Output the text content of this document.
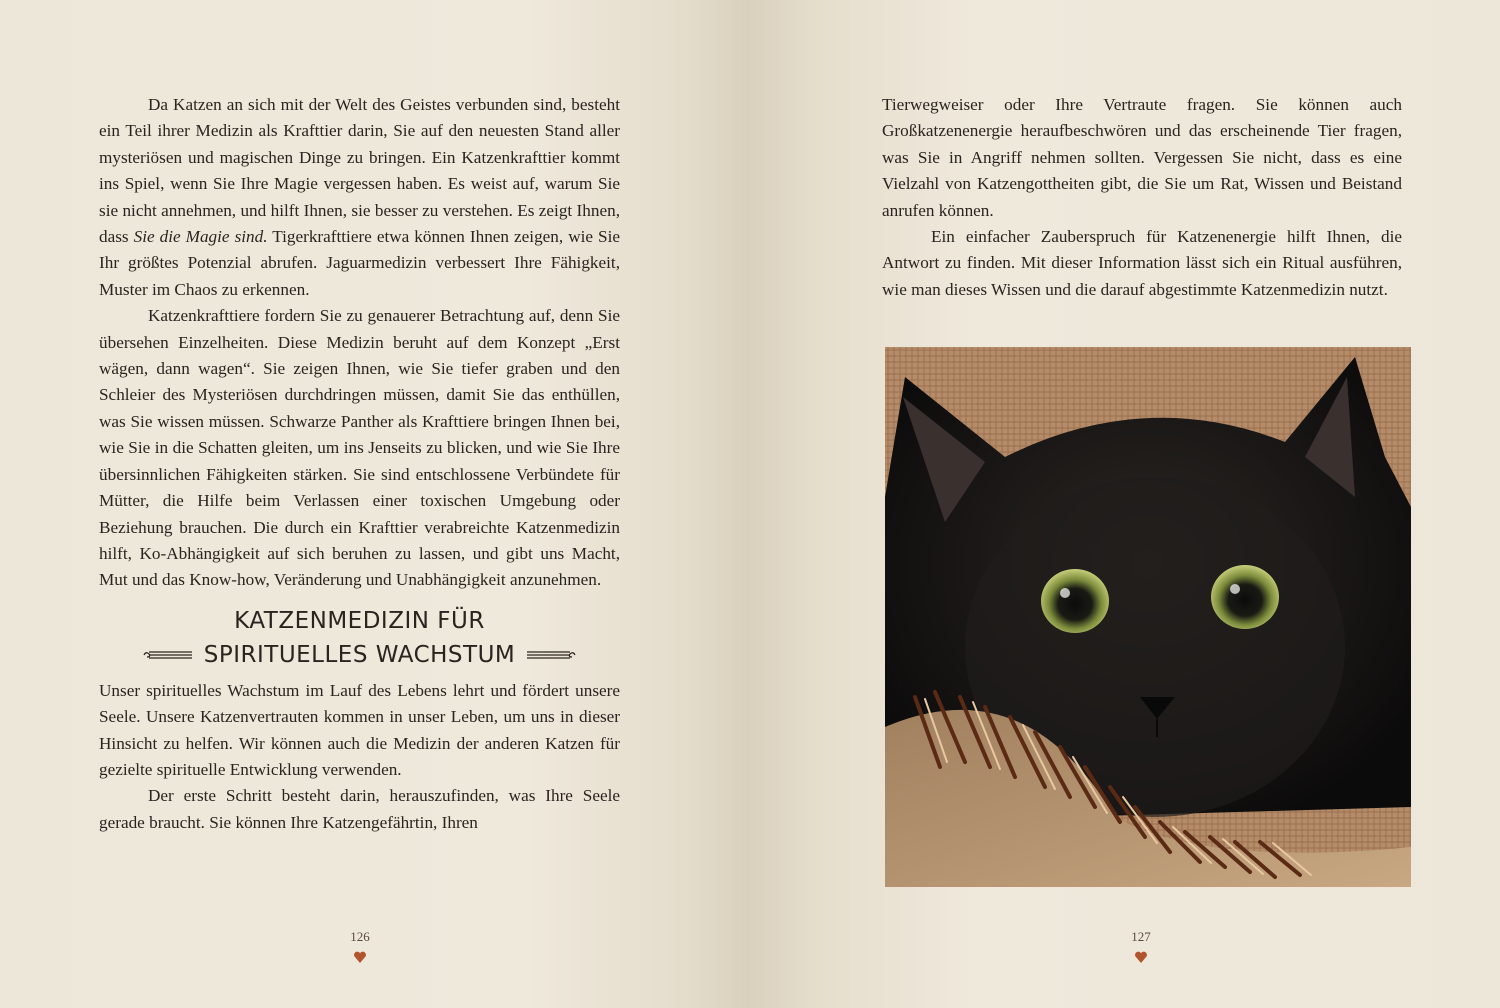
Da Katzen an sich mit der Welt des Geistes verbunden sind, besteht ein Teil ihrer Medizin als Krafttier darin, Sie auf den neuesten Stand aller mysteriösen und magischen Dinge zu bringen. Ein Katzenkrafttier kommt ins Spiel, wenn Sie Ihre Magie vergessen haben. Es weist auf, warum Sie sie nicht annehmen, und hilft Ihnen, sie besser zu verstehen. Es zeigt Ihnen, dass Sie die Magie sind. Tigerkrafttiere etwa können Ihnen zeigen, wie Sie Ihr größtes Potenzial abrufen. Jaguarmedizin verbessert Ihre Fähigkeit, Muster im Chaos zu erkennen.

Katzenkrafttiere fordern Sie zu genauerer Betrachtung auf, denn Sie übersehen Einzelheiten. Diese Medizin beruht auf dem Konzept „Erst wägen, dann wagen“. Sie zeigen Ihnen, wie Sie tiefer graben und den Schleier des Mysteriösen durchdringen müssen, damit Sie das enthüllen, was Sie wissen müssen. Schwarze Panther als Krafttiere bringen Ihnen bei, wie Sie in die Schatten gleiten, um ins Jenseits zu blicken, und wie Sie Ihre übersinnlichen Fähigkeiten stärken. Sie sind entschlossene Verbündete für Mütter, die Hilfe beim Verlassen einer toxischen Umgebung oder Beziehung brauchen. Die durch ein Krafttier verabreichte Katzenmedizin hilft, Ko-Abhängigkeit auf sich beruhen zu lassen, und gibt uns Macht, Mut und das Know-how, Veränderung und Unabhängigkeit anzunehmen.

KATZENMEDIZIN FÜR
SPIRITUELLES WACHSTUM

Unser spirituelles Wachstum im Lauf des Lebens lehrt und fördert unsere Seele. Unsere Katzenvertrauten kommen in unser Leben, um uns in dieser Hinsicht zu helfen. Wir können auch die Medizin der anderen Katzen für gezielte spirituelle Entwicklung verwenden.

Der erste Schritt besteht darin, herauszufinden, was Ihre Seele gerade braucht. Sie können Ihre Katzengefährtin, Ihren

126

Tierwegweiser oder Ihre Vertraute fragen. Sie können auch Großkatzenenergie heraufbeschwören und das erscheinende Tier fragen, was Sie in Angriff nehmen sollten. Vergessen Sie nicht, dass es eine Vielzahl von Katzengottheiten gibt, die Sie um Rat, Wissen und Beistand anrufen können.

Ein einfacher Zauberspruch für Katzenenergie hilft Ihnen, die Antwort zu finden. Mit dieser Information lässt sich ein Ritual ausführen, wie man dieses Wissen und die darauf abgestimmte Katzenmedizin nutzt.

127
